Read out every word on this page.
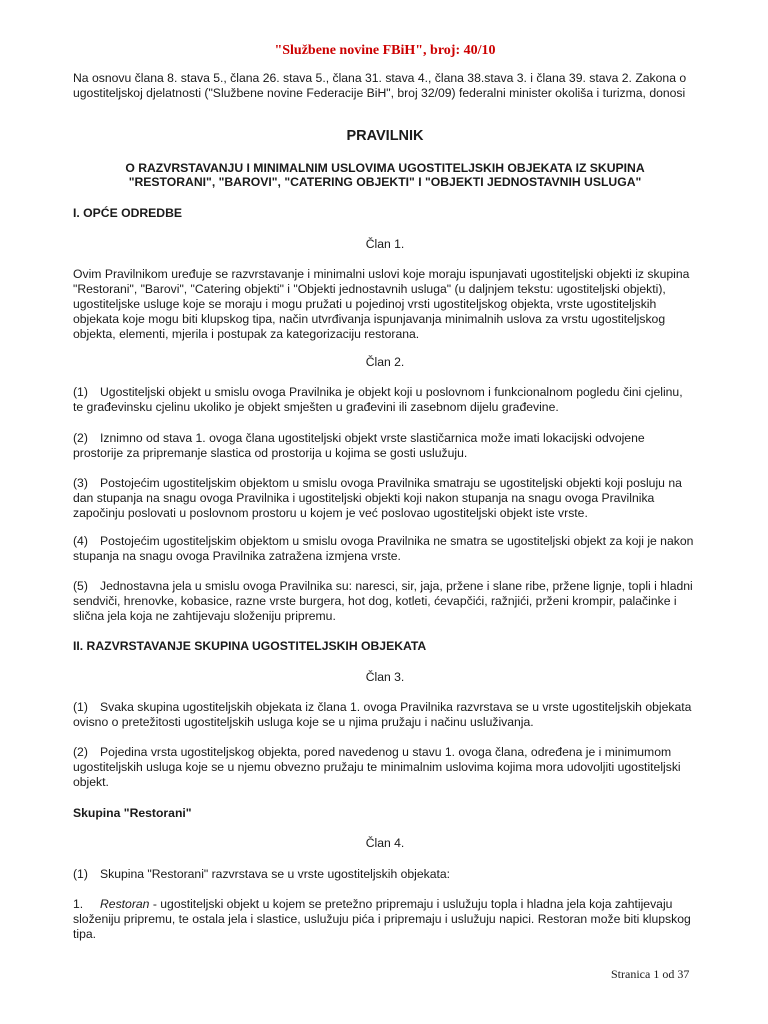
"Službene novine FBiH", broj: 40/10
Na osnovu člana 8. stava 5., člana 26. stava 5., člana 31. stava 4., člana 38.stava 3. i člana 39. stava 2. Zakona o ugostiteljskoj djelatnosti ("Službene novine Federacije BiH", broj 32/09) federalni minister okoliša i turizma, donosi
PRAVILNIK
O RAZVRSTAVANJU I MINIMALNIM USLOVIMA UGOSTITELJSKIH OBJEKATA IZ SKUPINA
"RESTORANI", "BAROVI", "CATERING OBJEKTI" I "OBJEKTI JEDNOSTAVNIH USLUGA"
I. OPĆE ODREDBE
Član 1.
Ovim Pravilnikom uređuje se razvrstavanje i minimalni uslovi koje moraju ispunjavati ugostiteljski objekti iz skupina "Restorani", "Barovi", "Catering objekti" i "Objekti jednostavnih usluga" (u daljnjem tekstu: ugostiteljski objekti), ugostiteljske usluge koje se moraju i mogu pružati u pojedinoj vrsti ugostiteljskog objekta, vrste ugostiteljskih objekata koje mogu biti klupskog tipa, način utvrđivanja ispunjavanja minimalnih uslova za vrstu ugostiteljskog objekta, elementi, mjerila i postupak za kategorizaciju restorana.
Član 2.
(1) Ugostiteljski objekt u smislu ovoga Pravilnika je objekt koji u poslovnom i funkcionalnom pogledu čini cjelinu, te građevinsku cjelinu ukoliko je objekt smješten u građevini ili zasebnom dijelu građevine.
(2) Iznimno od stava 1. ovoga člana ugostiteljski objekt vrste slastičarnica može imati lokacijski odvojene prostorije za pripremanje slastica od prostorija u kojima se gosti uslužuju.
(3) Postojećim ugostiteljskim objektom u smislu ovoga Pravilnika smatraju se ugostiteljski objekti koji posluju na dan stupanja na snagu ovoga Pravilnika i ugostiteljski objekti koji nakon stupanja na snagu ovoga Pravilnika započinju poslovati u poslovnom prostoru u kojem je već poslovao ugostiteljski objekt iste vrste.
(4) Postojećim ugostiteljskim objektom u smislu ovoga Pravilnika ne smatra se ugostiteljski objekt za koji je nakon stupanja na snagu ovoga Pravilnika zatražena izmjena vrste.
(5) Jednostavna jela u smislu ovoga Pravilnika su: naresci, sir, jaja, pržene i slane ribe, pržene lignje, topli i hladni sendviči, hrenovke, kobasice, razne vrste burgera, hot dog, kotleti, ćevapčići, ražnjići, prženi krompir, palačinke i slična jela koja ne zahtijevaju složeniju pripremu.
II. RAZVRSTAVANJE SKUPINA UGOSTITELJSKIH OBJEKATA
Član 3.
(1) Svaka skupina ugostiteljskih objekata iz člana 1. ovoga Pravilnika razvrstava se u vrste ugostiteljskih objekata ovisno o pretežitosti ugostiteljskih usluga koje se u njima pružaju i načinu usluživanja.
(2) Pojedina vrsta ugostiteljskog objekta, pored navedenog u stavu 1. ovoga člana, određena je i minimumom ugostiteljskih usluga koje se u njemu obvezno pružaju te minimalnim uslovima kojima mora udovoljiti ugostiteljski objekt.
Skupina "Restorani"
Član 4.
(1) Skupina "Restorani" razvrstava se u vrste ugostiteljskih objekata:
1. Restoran - ugostiteljski objekt u kojem se pretežno pripremaju i uslužuju topla i hladna jela koja zahtijevaju složeniju pripremu, te ostala jela i slastice, uslužuju pića i pripremaju i uslužuju napici. Restoran može biti klupskog tipa.
Stranica 1 od 37
